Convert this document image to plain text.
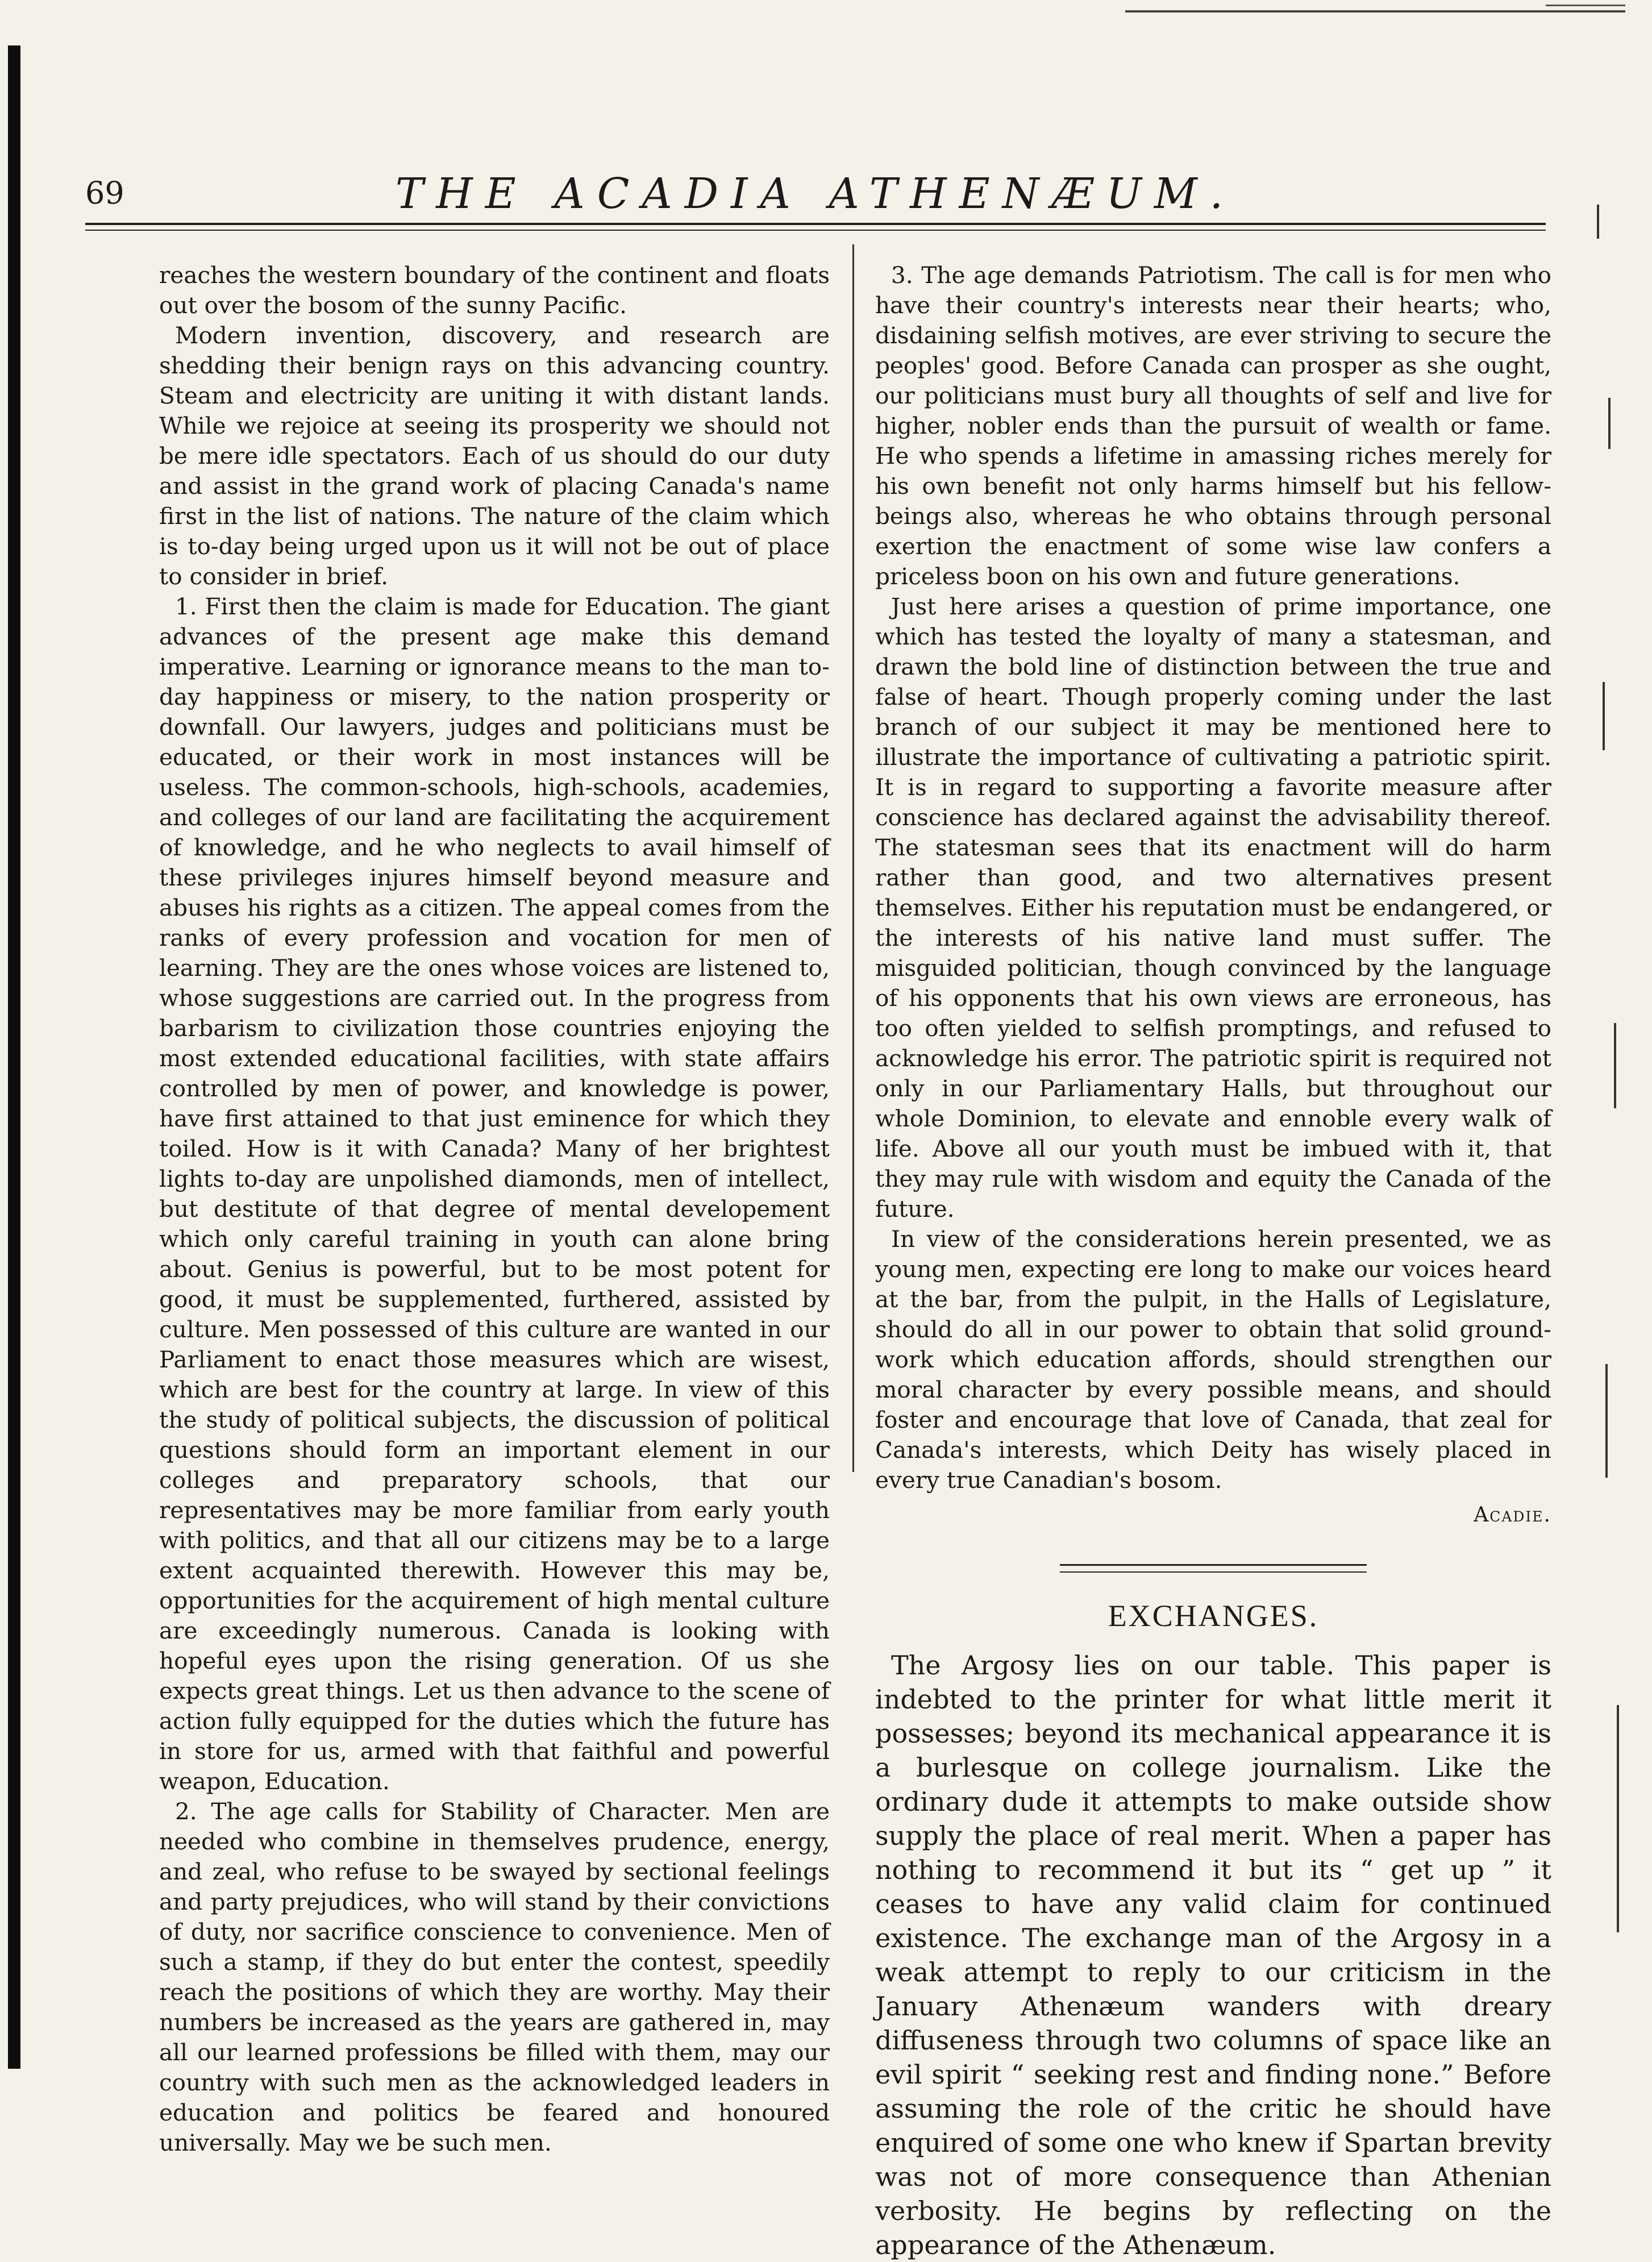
69	THE ACADIA ATHENÆUM.

reaches the western boundary of the continent and floats out over the bosom of the sunny Pacific.

Modern invention, discovery, and research are shedding their benign rays on this advancing country. Steam and electricity are uniting it with distant lands. While we rejoice at seeing its prosperity we should not be mere idle spectators. Each of us should do our duty and assist in the grand work of placing Canada's name first in the list of nations. The nature of the claim which is to-day being urged upon us it will not be out of place to consider in brief.

1. First then the claim is made for Education. The giant advances of the present age make this demand imperative. Learning or ignorance means to the man to-day happiness or misery, to the nation prosperity or downfall. Our lawyers, judges and politicians must be educated, or their work in most instances will be useless. The common-schools, high-schools, academies, and colleges of our land are facilitating the acquirement of knowledge, and he who neglects to avail himself of these privileges injures himself beyond measure and abuses his rights as a citizen. The appeal comes from the ranks of every profession and vocation for men of learning. They are the ones whose voices are listened to, whose suggestions are carried out. In the progress from barbarism to civilization those countries enjoying the most extended educational facilities, with state affairs controlled by men of power, and knowledge is power, have first attained to that just eminence for which they toiled. How is it with Canada? Many of her brightest lights to-day are unpolished diamonds, men of intellect, but destitute of that degree of mental developement which only careful training in youth can alone bring about. Genius is powerful, but to be most potent for good, it must be supplemented, furthered, assisted by culture. Men possessed of this culture are wanted in our Parliament to enact those measures which are wisest, which are best for the country at large. In view of this the study of political subjects, the discussion of political questions should form an important element in our colleges and preparatory schools, that our representatives may be more familiar from early youth with politics, and that all our citizens may be to a large extent acquainted therewith. However this may be, opportunities for the acquirement of high mental culture are exceedingly numerous. Canada is looking with hopeful eyes upon the rising generation. Of us she expects great things. Let us then advance to the scene of action fully equipped for the duties which the future has in store for us, armed with that faithful and powerful weapon, Education.

2. The age calls for Stability of Character. Men are needed who combine in themselves prudence, energy, and zeal, who refuse to be swayed by sectional feelings and party prejudices, who will stand by their convictions of duty, nor sacrifice conscience to convenience. Men of such a stamp, if they do but enter the contest, speedily reach the positions of which they are worthy. May their numbers be increased as the years are gathered in, may all our learned professions be filled with them, may our country with such men as the acknowledged leaders in education and politics be feared and honoured universally. May we be such men.

3. The age demands Patriotism. The call is for men who have their country's interests near their hearts; who, disdaining selfish motives, are ever striving to secure the peoples' good. Before Canada can prosper as she ought, our politicians must bury all thoughts of self and live for higher, nobler ends than the pursuit of wealth or fame. He who spends a lifetime in amassing riches merely for his own benefit not only harms himself but his fellow-beings also, whereas he who obtains through personal exertion the enactment of some wise law confers a priceless boon on his own and future generations.

Just here arises a question of prime importance, one which has tested the loyalty of many a statesman, and drawn the bold line of distinction between the true and false of heart. Though properly coming under the last branch of our subject it may be mentioned here to illustrate the importance of cultivating a patriotic spirit. It is in regard to supporting a favorite measure after conscience has declared against the advisability thereof. The statesman sees that its enactment will do harm rather than good, and two alternatives present themselves. Either his reputation must be endangered, or the interests of his native land must suffer. The misguided politician, though convinced by the language of his opponents that his own views are erroneous, has too often yielded to selfish promptings, and refused to acknowledge his error. The patriotic spirit is required not only in our Parliamentary Halls, but throughout our whole Dominion, to elevate and ennoble every walk of life. Above all our youth must be imbued with it, that they may rule with wisdom and equity the Canada of the future.

In view of the considerations herein presented, we as young men, expecting ere long to make our voices heard at the bar, from the pulpit, in the Halls of Legislature, should do all in our power to obtain that solid ground-work which education affords, should strengthen our moral character by every possible means, and should foster and encourage that love of Canada, that zeal for Canada's interests, which Deity has wisely placed in every true Canadian's bosom.

Acadie.
EXCHANGES.

The Argosy lies on our table. This paper is indebted to the printer for what little merit it possesses; beyond its mechanical appearance it is a burlesque on college journalism. Like the ordinary dude it attempts to make outside show supply the place of real merit. When a paper has nothing to recommend it but its “ get up ” it ceases to have any valid claim for continued existence. The exchange man of the Argosy in a weak attempt to reply to our criticism in the January Athenæum wanders with dreary diffuseness through two columns of space like an evil spirit “ seeking rest and finding none.” Before assuming the role of the critic he should have enquired of some one who knew if Spartan brevity was not of more consequence than Athenian verbosity. He begins by reflecting on the appearance of the Athenæum.
